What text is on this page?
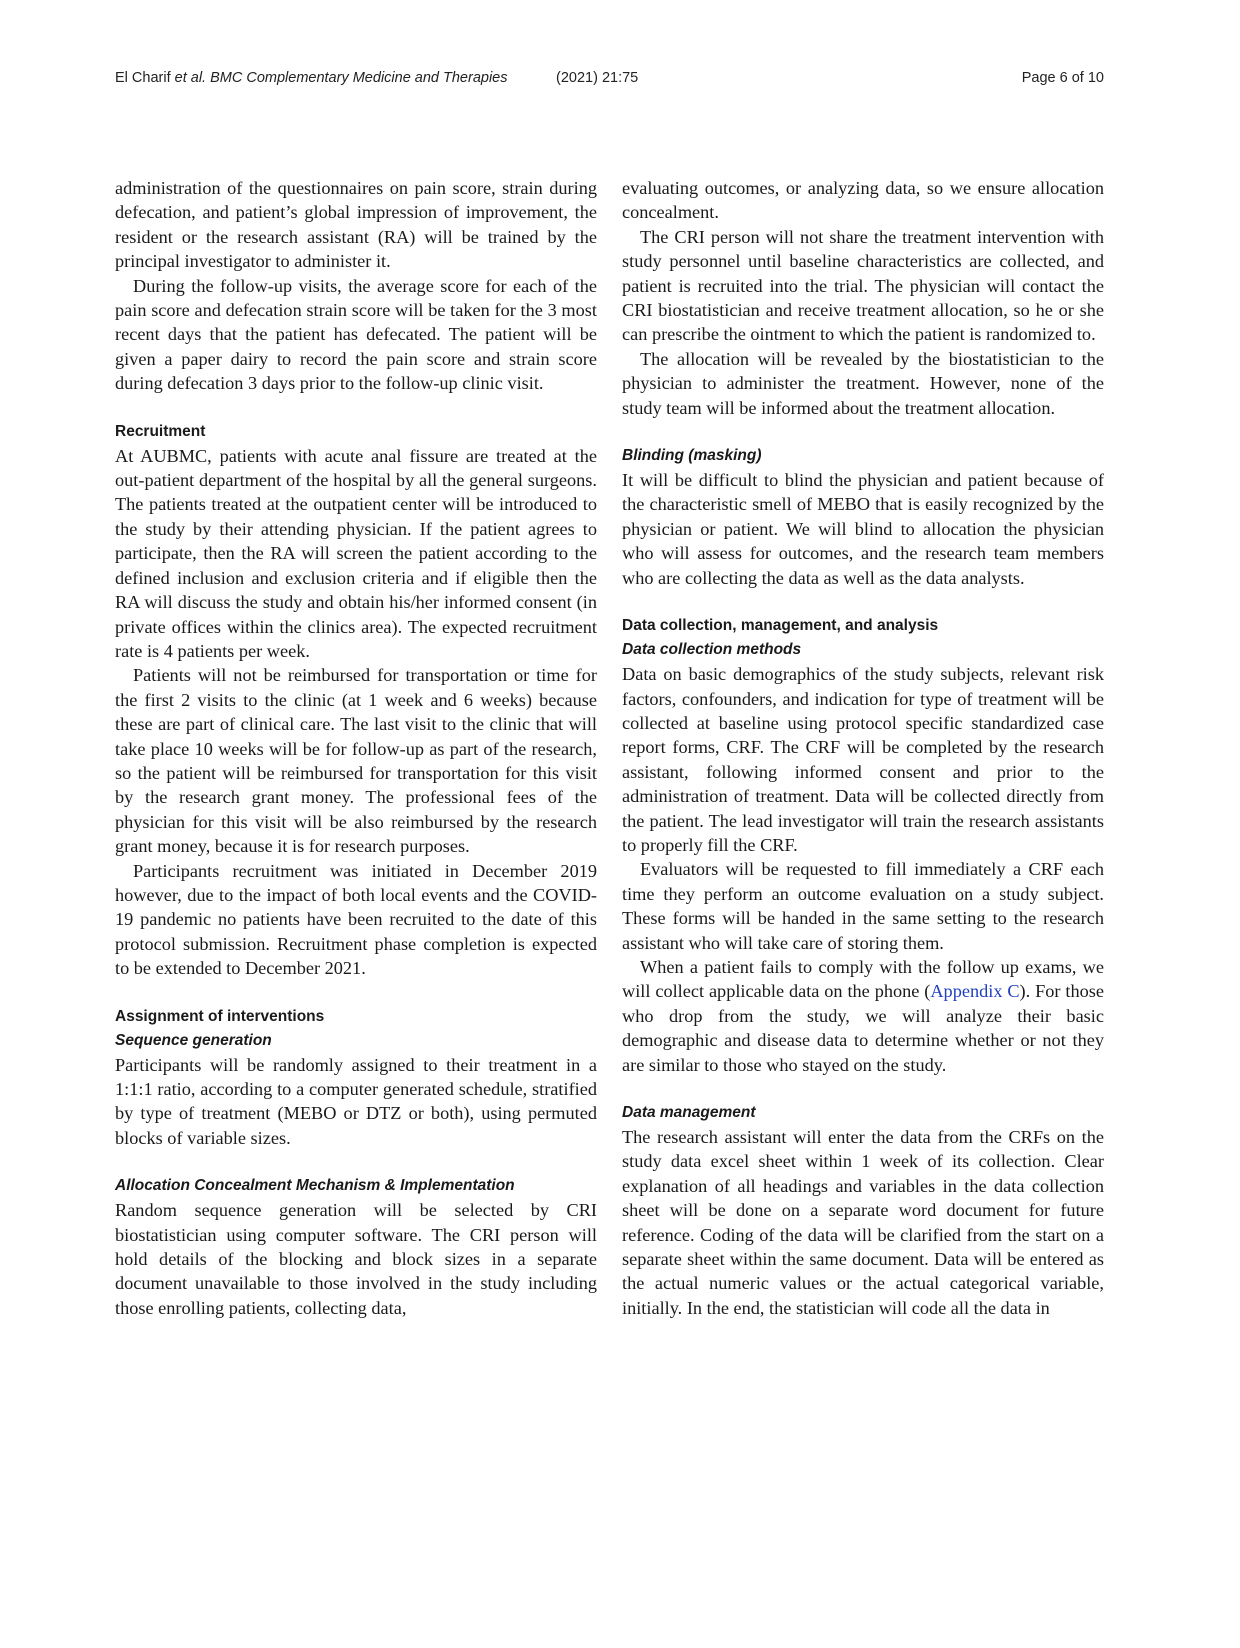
El Charif et al. BMC Complementary Medicine and Therapies	(2021) 21:75	Page 6 of 10

administration of the questionnaires on pain score, strain during defecation, and patient’s global impression of improvement, the resident or the research assistant (RA) will be trained by the principal investigator to administer it.

During the follow-up visits, the average score for each of the pain score and defecation strain score will be taken for the 3 most recent days that the patient has defecated. The patient will be given a paper dairy to record the pain score and strain score during defecation 3 days prior to the follow-up clinic visit.

Recruitment

At AUBMC, patients with acute anal fissure are treated at the out-patient department of the hospital by all the general surgeons. The patients treated at the outpatient center will be introduced to the study by their attending physician. If the patient agrees to participate, then the RA will screen the patient according to the defined inclusion and exclusion criteria and if eligible then the RA will discuss the study and obtain his/her informed consent (in private offices within the clinics area). The expected recruitment rate is 4 patients per week.

Patients will not be reimbursed for transportation or time for the first 2 visits to the clinic (at 1 week and 6 weeks) because these are part of clinical care. The last visit to the clinic that will take place 10 weeks will be for follow-up as part of the research, so the patient will be reimbursed for transportation for this visit by the research grant money. The professional fees of the physician for this visit will be also reimbursed by the research grant money, because it is for research purposes.

Participants recruitment was initiated in December 2019 however, due to the impact of both local events and the COVID-19 pandemic no patients have been recruited to the date of this protocol submission. Recruitment phase completion is expected to be extended to December 2021.

Assignment of interventions
Sequence generation

Participants will be randomly assigned to their treatment in a 1:1:1 ratio, according to a computer generated schedule, stratified by type of treatment (MEBO or DTZ or both), using permuted blocks of variable sizes.

Allocation Concealment Mechanism & Implementation

Random sequence generation will be selected by CRI biostatistician using computer software. The CRI person will hold details of the blocking and block sizes in a separate document unavailable to those involved in the study including those enrolling patients, collecting data,

evaluating outcomes, or analyzing data, so we ensure allocation concealment.

The CRI person will not share the treatment intervention with study personnel until baseline characteristics are collected, and patient is recruited into the trial. The physician will contact the CRI biostatistician and receive treatment allocation, so he or she can prescribe the ointment to which the patient is randomized to.

The allocation will be revealed by the biostatistician to the physician to administer the treatment. However, none of the study team will be informed about the treatment allocation.

Blinding (masking)

It will be difficult to blind the physician and patient because of the characteristic smell of MEBO that is easily recognized by the physician or patient. We will blind to allocation the physician who will assess for outcomes, and the research team members who are collecting the data as well as the data analysts.

Data collection, management, and analysis
Data collection methods

Data on basic demographics of the study subjects, relevant risk factors, confounders, and indication for type of treatment will be collected at baseline using protocol specific standardized case report forms, CRF. The CRF will be completed by the research assistant, following informed consent and prior to the administration of treatment. Data will be collected directly from the patient. The lead investigator will train the research assistants to properly fill the CRF.

Evaluators will be requested to fill immediately a CRF each time they perform an outcome evaluation on a study subject. These forms will be handed in the same setting to the research assistant who will take care of storing them.

When a patient fails to comply with the follow up exams, we will collect applicable data on the phone (Appendix C). For those who drop from the study, we will analyze their basic demographic and disease data to determine whether or not they are similar to those who stayed on the study.

Data management

The research assistant will enter the data from the CRFs on the study data excel sheet within 1 week of its collection. Clear explanation of all headings and variables in the data collection sheet will be done on a separate word document for future reference. Coding of the data will be clarified from the start on a separate sheet within the same document. Data will be entered as the actual numeric values or the actual categorical variable, initially. In the end, the statistician will code all the data in
